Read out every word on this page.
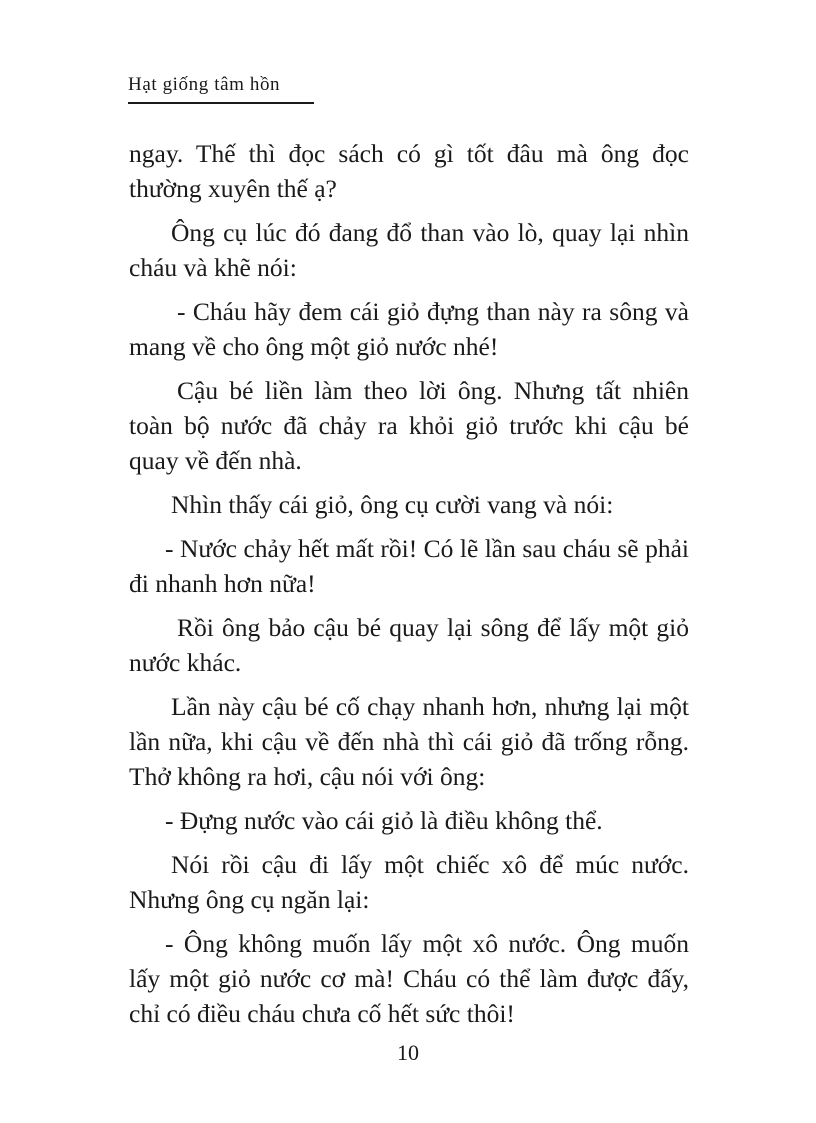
Hạt giống tâm hồn

ngay. Thế thì đọc sách có gì tốt đâu mà ông đọc thường xuyên thế ạ?

Ông cụ lúc đó đang đổ than vào lò, quay lại nhìn cháu và khẽ nói:

- Cháu hãy đem cái giỏ đựng than này ra sông và mang về cho ông một giỏ nước nhé!

Cậu bé liền làm theo lời ông. Nhưng tất nhiên toàn bộ nước đã chảy ra khỏi giỏ trước khi cậu bé quay về đến nhà.

Nhìn thấy cái giỏ, ông cụ cười vang và nói:

- Nước chảy hết mất rồi! Có lẽ lần sau cháu sẽ phải đi nhanh hơn nữa!

Rồi ông bảo cậu bé quay lại sông để lấy một giỏ nước khác.

Lần này cậu bé cố chạy nhanh hơn, nhưng lại một lần nữa, khi cậu về đến nhà thì cái giỏ đã trống rỗng. Thở không ra hơi, cậu nói với ông:

- Đựng nước vào cái giỏ là điều không thể.

Nói rồi cậu đi lấy một chiếc xô để múc nước. Nhưng ông cụ ngăn lại:

- Ông không muốn lấy một xô nước. Ông muốn lấy một giỏ nước cơ mà! Cháu có thể làm được đấy, chỉ có điều cháu chưa cố hết sức thôi!

10
